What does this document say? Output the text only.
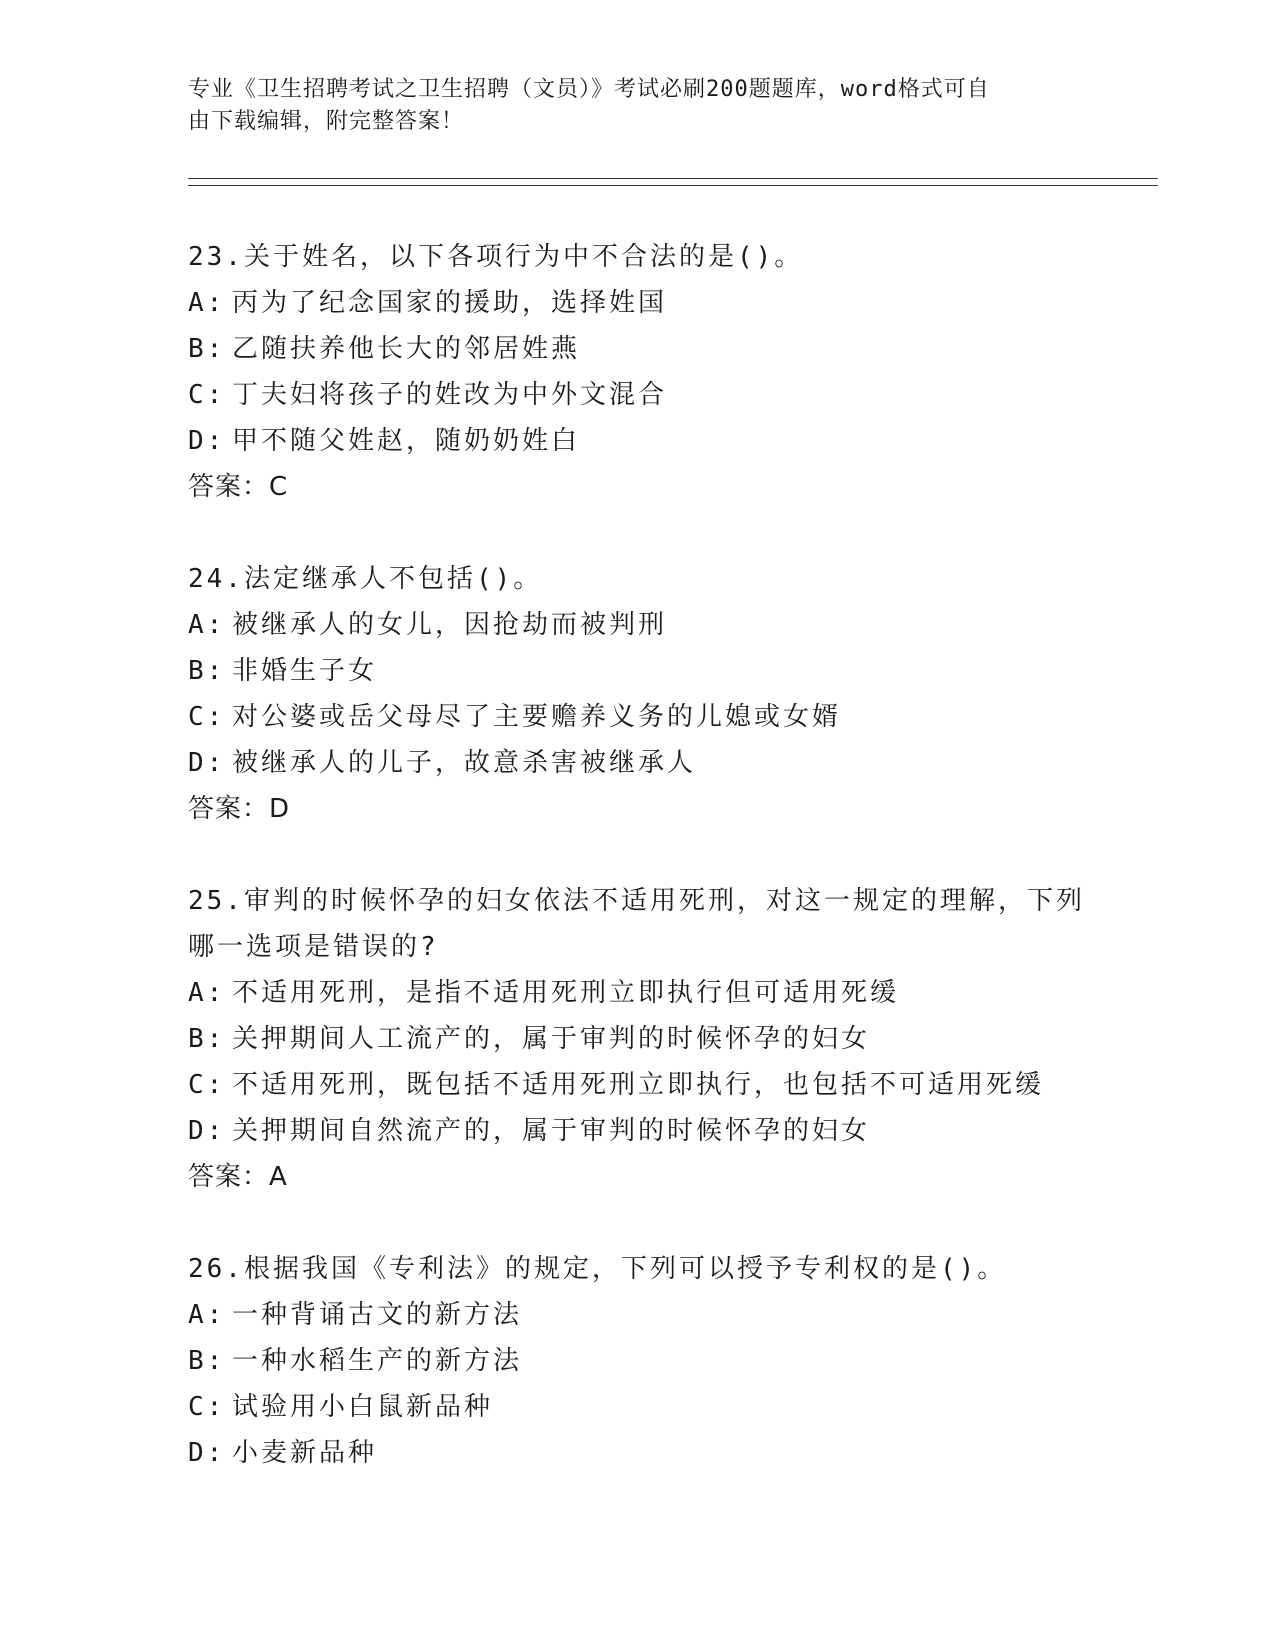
专业《卫生招聘考试之卫生招聘（文员）》考试必刷200题题库，word格式可自
由下载编辑，附完整答案！

23.关于姓名，以下各项行为中不合法的是()。

A: 丙为了纪念国家的援助，选择姓国

B: 乙随扶养他长大的邻居姓燕

C: 丁夫妇将孩子的姓改为中外文混合

D: 甲不随父姓赵，随奶奶姓白

答案：C

24.法定继承人不包括()。

A: 被继承人的女儿，因抢劫而被判刑

B: 非婚生子女

C: 对公婆或岳父母尽了主要赡养义务的儿媳或女婿

D: 被继承人的儿子，故意杀害被继承人

答案：D

25.审判的时候怀孕的妇女依法不适用死刑，对这一规定的理解，下列

哪一选项是错误的?

A: 不适用死刑，是指不适用死刑立即执行但可适用死缓

B: 关押期间人工流产的，属于审判的时候怀孕的妇女

C: 不适用死刑，既包括不适用死刑立即执行，也包括不可适用死缓

D: 关押期间自然流产的，属于审判的时候怀孕的妇女

答案：A

26.根据我国《专利法》的规定，下列可以授予专利权的是()。

A: 一种背诵古文的新方法

B: 一种水稻生产的新方法

C: 试验用小白鼠新品种

D: 小麦新品种
